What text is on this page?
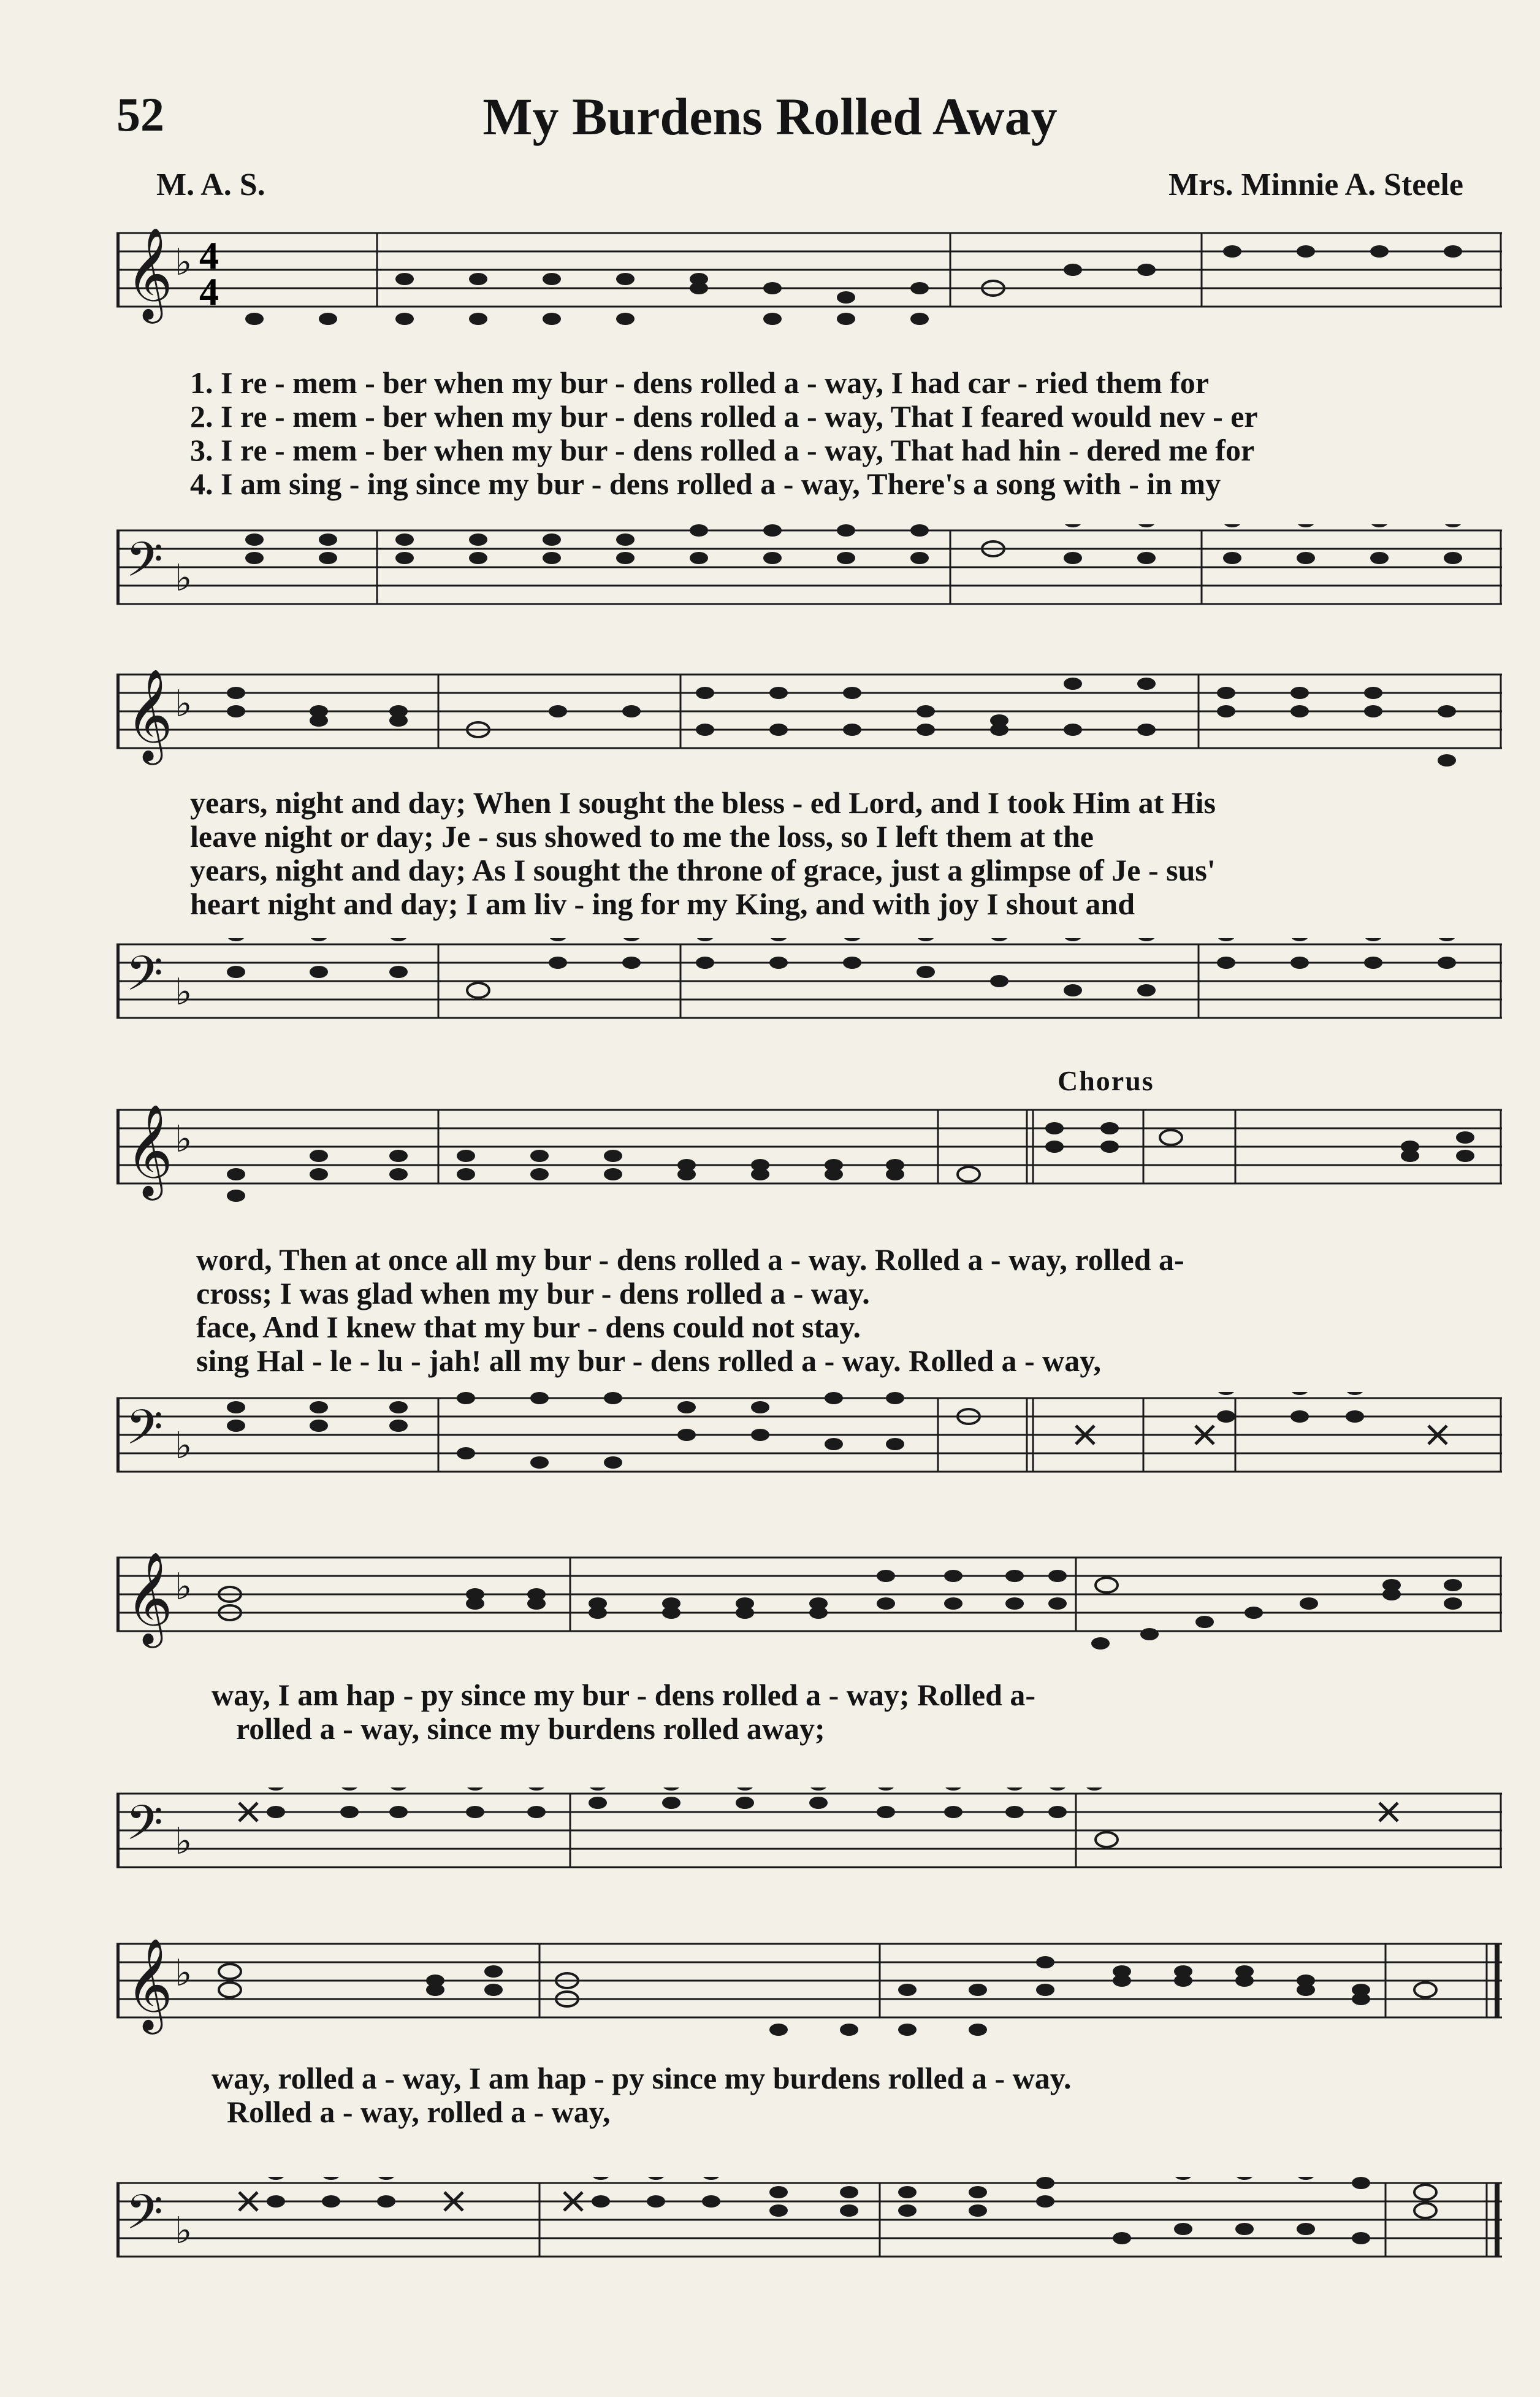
52	My Burdens Rolled Away
M. A. S.	Mrs. Minnie A. Steele
𝄞 ♭ 4
4
1. I re - mem - ber when my bur - dens rolled a - way, I had car - ried them for
2. I re - mem - ber when my bur - dens rolled a - way, That I feared would nev - er
3. I re - mem - ber when my bur - dens rolled a - way, That had hin - dered me for
4. I am sing - ing since my bur - dens rolled a - way, There's a song with - in my
𝄢 ♭
𝄞 ♭
years, night and day; When I sought the bless - ed Lord, and I took Him at His
leave night or day; Je - sus showed to me the loss, so I left them at the
years, night and day; As I sought the throne of grace, just a glimpse of Je - sus'
heart night and day; I am liv - ing for my King, and with joy I shout and
𝄢 ♭
Chorus
𝄞 ♭
word, Then at once all my bur - dens rolled a - way. Rolled a - way, rolled a-
cross; I was glad when my bur - dens rolled a - way.
face, And I knew that my bur - dens could not stay.
sing Hal - le - lu - jah! all my bur - dens rolled a - way. Rolled a - way,
𝄢 ♭
𝄞 ♭
way, I am hap - py since my bur - dens rolled a - way; Rolled a-
rolled a - way, since my burdens rolled away;
𝄢 ♭
𝄞 ♭
way, rolled a - way, I am hap - py since my burdens rolled a - way.
Rolled a - way, rolled a - way,
𝄢 ♭
